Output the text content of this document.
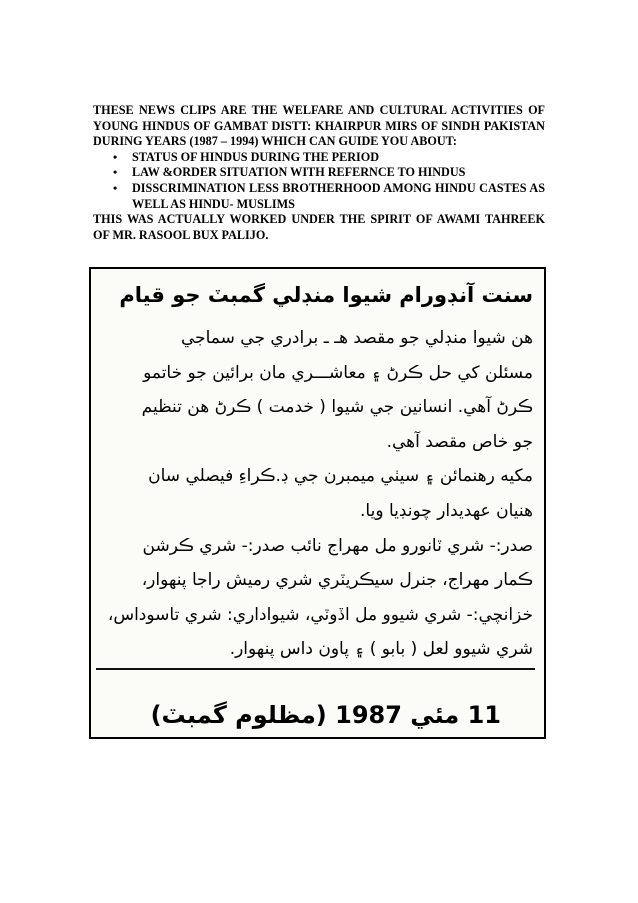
THESE NEWS CLIPS ARE THE WELFARE AND CULTURAL ACTIVITIES OF YOUNG HINDUS OF GAMBAT DISTT: KHAIRPUR MIRS OF SINDH PAKISTAN DURING YEARS (1987 – 1994) WHICH CAN GUIDE YOU ABOUT:

• STATUS OF HINDUS DURING THE PERIOD
• LAW &ORDER SITUATION WITH REFERNCE TO HINDUS
• DISSCRIMINATION LESS BROTHERHOOD AMONG HINDU CASTES AS WELL AS HINDU- MUSLIMS

THIS WAS ACTUALLY WORKED UNDER THE SPIRIT OF AWAMI TAHREEK OF MR. RASOOL BUX PALIJO.

سنت آنڊورام شيوا منڊلي گمبٽ جو قيام
هن شيوا منڊلي جو مقصد هـ ـ برادري جي سماجي
مسئلن کي حل ڪرڻ ۽ معاشـــري مان برائين جو خاتمو
ڪرڻ آهي. انسانين جي شيوا ( خدمت ) ڪرڻ هن تنظيم
جو خاص مقصد آهي.
مکيه رهنمائن ۽ سيٺي ميمبرن جي ڊ.ڪراءِ فيصلي سان
هنيان عهديدار چونڊيا ويا.
صدر:- شري ٽانورو مل مهراج نائب صدر:- شري ڪرشن
ڪمار مهراج، جنرل سيڪريٽري شري رميش راجا پنهوار،
خزانچي:- شري شيوو مل اڏوٽي، شيواداري: شري تاسوداس،
شري شيوو لعل ( بابو ) ۽ پاون داس پنهوار.
11 مئي 1987 (مظلوم گمبٽ)
